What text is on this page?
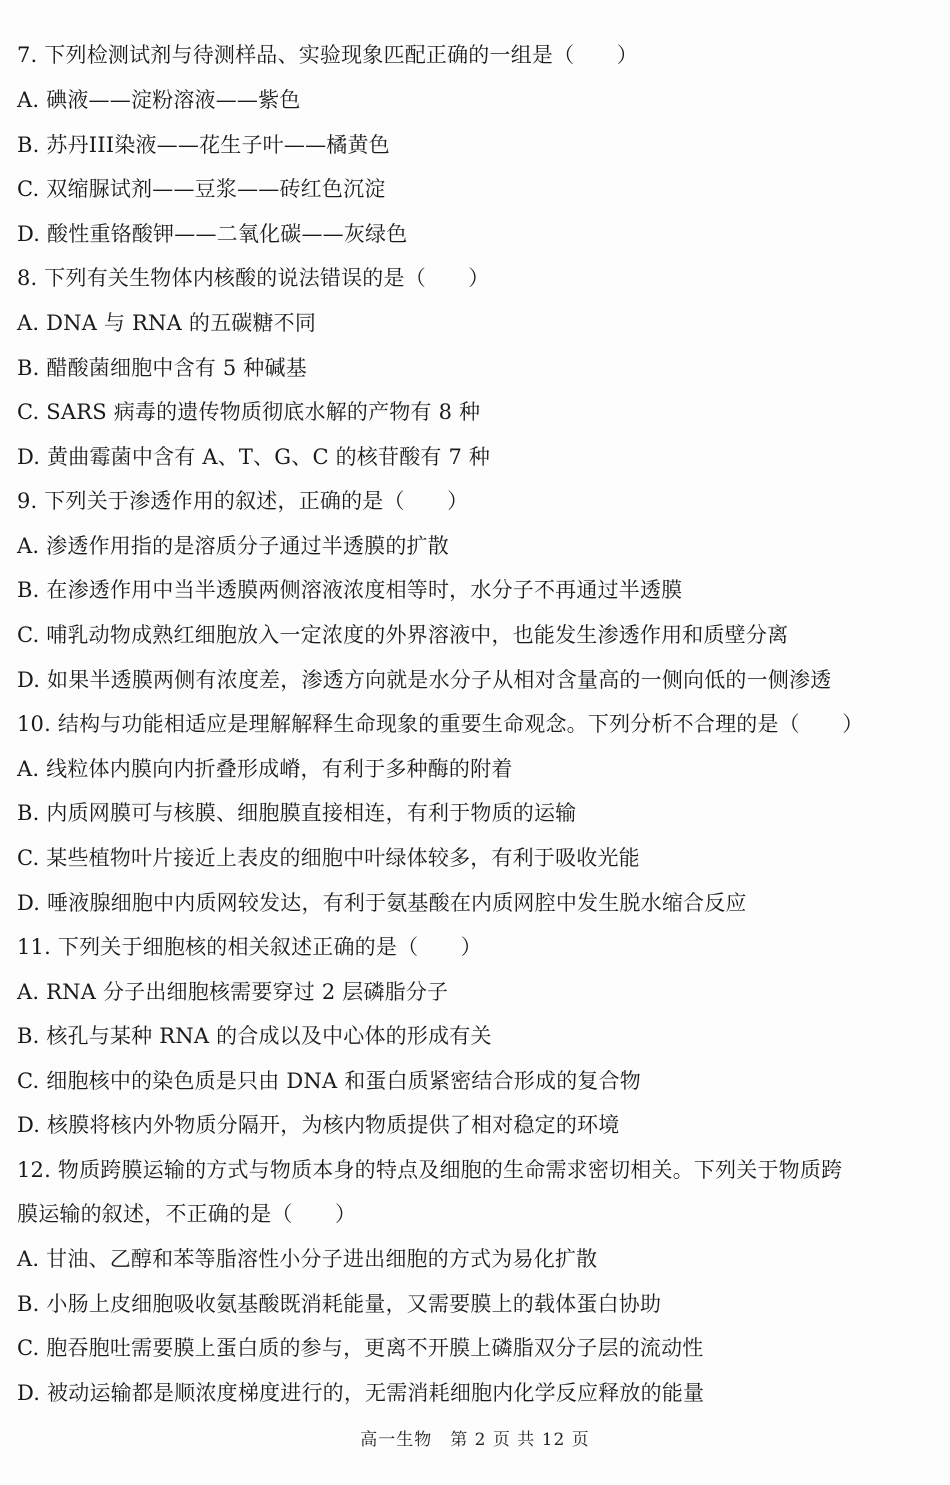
7. 下列检测试剂与待测样品、实验现象匹配正确的一组是（　　）
A. 碘液——淀粉溶液——紫色
B. 苏丹III染液——花生子叶——橘黄色
C. 双缩脲试剂——豆浆——砖红色沉淀
D. 酸性重铬酸钾——二氧化碳——灰绿色
8. 下列有关生物体内核酸的说法错误的是（　　）
A. DNA 与 RNA 的五碳糖不同
B. 醋酸菌细胞中含有 5 种碱基
C. SARS 病毒的遗传物质彻底水解的产物有 8 种
D. 黄曲霉菌中含有 A、T、G、C 的核苷酸有 7 种
9. 下列关于渗透作用的叙述，正确的是（　　）
A. 渗透作用指的是溶质分子通过半透膜的扩散
B. 在渗透作用中当半透膜两侧溶液浓度相等时，水分子不再通过半透膜
C. 哺乳动物成熟红细胞放入一定浓度的外界溶液中，也能发生渗透作用和质壁分离
D. 如果半透膜两侧有浓度差，渗透方向就是水分子从相对含量高的一侧向低的一侧渗透
10. 结构与功能相适应是理解解释生命现象的重要生命观念。下列分析不合理的是（　　）
A. 线粒体内膜向内折叠形成嵴，有利于多种酶的附着
B. 内质网膜可与核膜、细胞膜直接相连，有利于物质的运输
C. 某些植物叶片接近上表皮的细胞中叶绿体较多，有利于吸收光能
D. 唾液腺细胞中内质网较发达，有利于氨基酸在内质网腔中发生脱水缩合反应
11. 下列关于细胞核的相关叙述正确的是（　　）
A. RNA 分子出细胞核需要穿过 2 层磷脂分子
B. 核孔与某种 RNA 的合成以及中心体的形成有关
C. 细胞核中的染色质是只由 DNA 和蛋白质紧密结合形成的复合物
D. 核膜将核内外物质分隔开，为核内物质提供了相对稳定的环境
12. 物质跨膜运输的方式与物质本身的特点及细胞的生命需求密切相关。下列关于物质跨
膜运输的叙述，不正确的是（　　）
A. 甘油、乙醇和苯等脂溶性小分子进出细胞的方式为易化扩散
B. 小肠上皮细胞吸收氨基酸既消耗能量，又需要膜上的载体蛋白协助
C. 胞吞胞吐需要膜上蛋白质的参与，更离不开膜上磷脂双分子层的流动性
D. 被动运输都是顺浓度梯度进行的，无需消耗细胞内化学反应释放的能量
高一生物　第 2 页 共 12 页
